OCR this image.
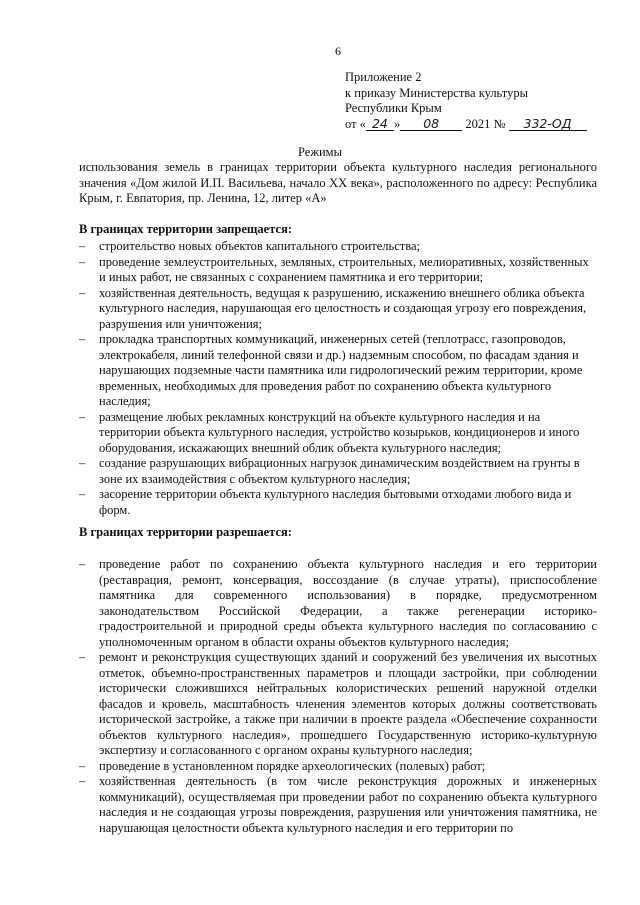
6
Приложение 2
к приказу Министерства культуры
Республики Крым
от « 24 » 08 2021 № 332-ОД
Режимы
использования земель в границах территории объекта культурного наследия регионального значения «Дом жилой И.П. Васильева, начало XX века», расположенного по адресу: Республика Крым, г. Евпатория, пр. Ленина, 12, литер «А»
В границах территории запрещается:
– строительство новых объектов капитального строительства;
– проведение землеустроительных, земляных, строительных, мелиоративных, хозяйственных и иных работ, не связанных с сохранением памятника и его территории;
– хозяйственная деятельность, ведущая к разрушению, искажению внешнего облика объекта культурного наследия, нарушающая его целостность и создающая угрозу его повреждения, разрушения или уничтожения;
– прокладка транспортных коммуникаций, инженерных сетей (теплотрасс, газопроводов, электрокабеля, линий телефонной связи и др.) надземным способом, по фасадам здания и нарушающих подземные части памятника или гидрологический режим территории, кроме временных, необходимых для проведения работ по сохранению объекта культурного наследия;
– размещение любых рекламных конструкций на объекте культурного наследия и на территории объекта культурного наследия, устройство козырьков, кондиционеров и иного оборудования, искажающих внешний облик объекта культурного наследия;
– создание разрушающих вибрационных нагрузок динамическим воздействием на грунты в зоне их взаимодействия с объектом культурного наследия;
– засорение территории объекта культурного наследия бытовыми отходами любого вида и форм.
В границах территории разрешается:
– проведение работ по сохранению объекта культурного наследия и его территории (реставрация, ремонт, консервация, воссоздание (в случае утраты), приспособление памятника для современного использования) в порядке, предусмотренном законодательством Российской Федерации, а также регенерации историко-градостроительной и природной среды объекта культурного наследия по согласованию с уполномоченным органом в области охраны объектов культурного наследия;
– ремонт и реконструкция существующих зданий и сооружений без увеличения их высотных отметок, объемно-пространственных параметров и площади застройки, при соблюдении исторически сложившихся нейтральных колористических решений наружной отделки фасадов и кровель, масштабность членения элементов которых должны соответствовать исторической застройке, а также при наличии в проекте раздела «Обеспечение сохранности объектов культурного наследия», прошедшего Государственную историко-культурную экспертизу и согласованного с органом охраны культурного наследия;
– проведение в установленном порядке археологических (полевых) работ;
– хозяйственная деятельность (в том числе реконструкция дорожных и инженерных коммуникаций), осуществляемая при проведении работ по сохранению объекта культурного наследия и не создающая угрозы повреждения, разрушения или уничтожения памятника, не нарушающая целостности объекта культурного наследия и его территории по
